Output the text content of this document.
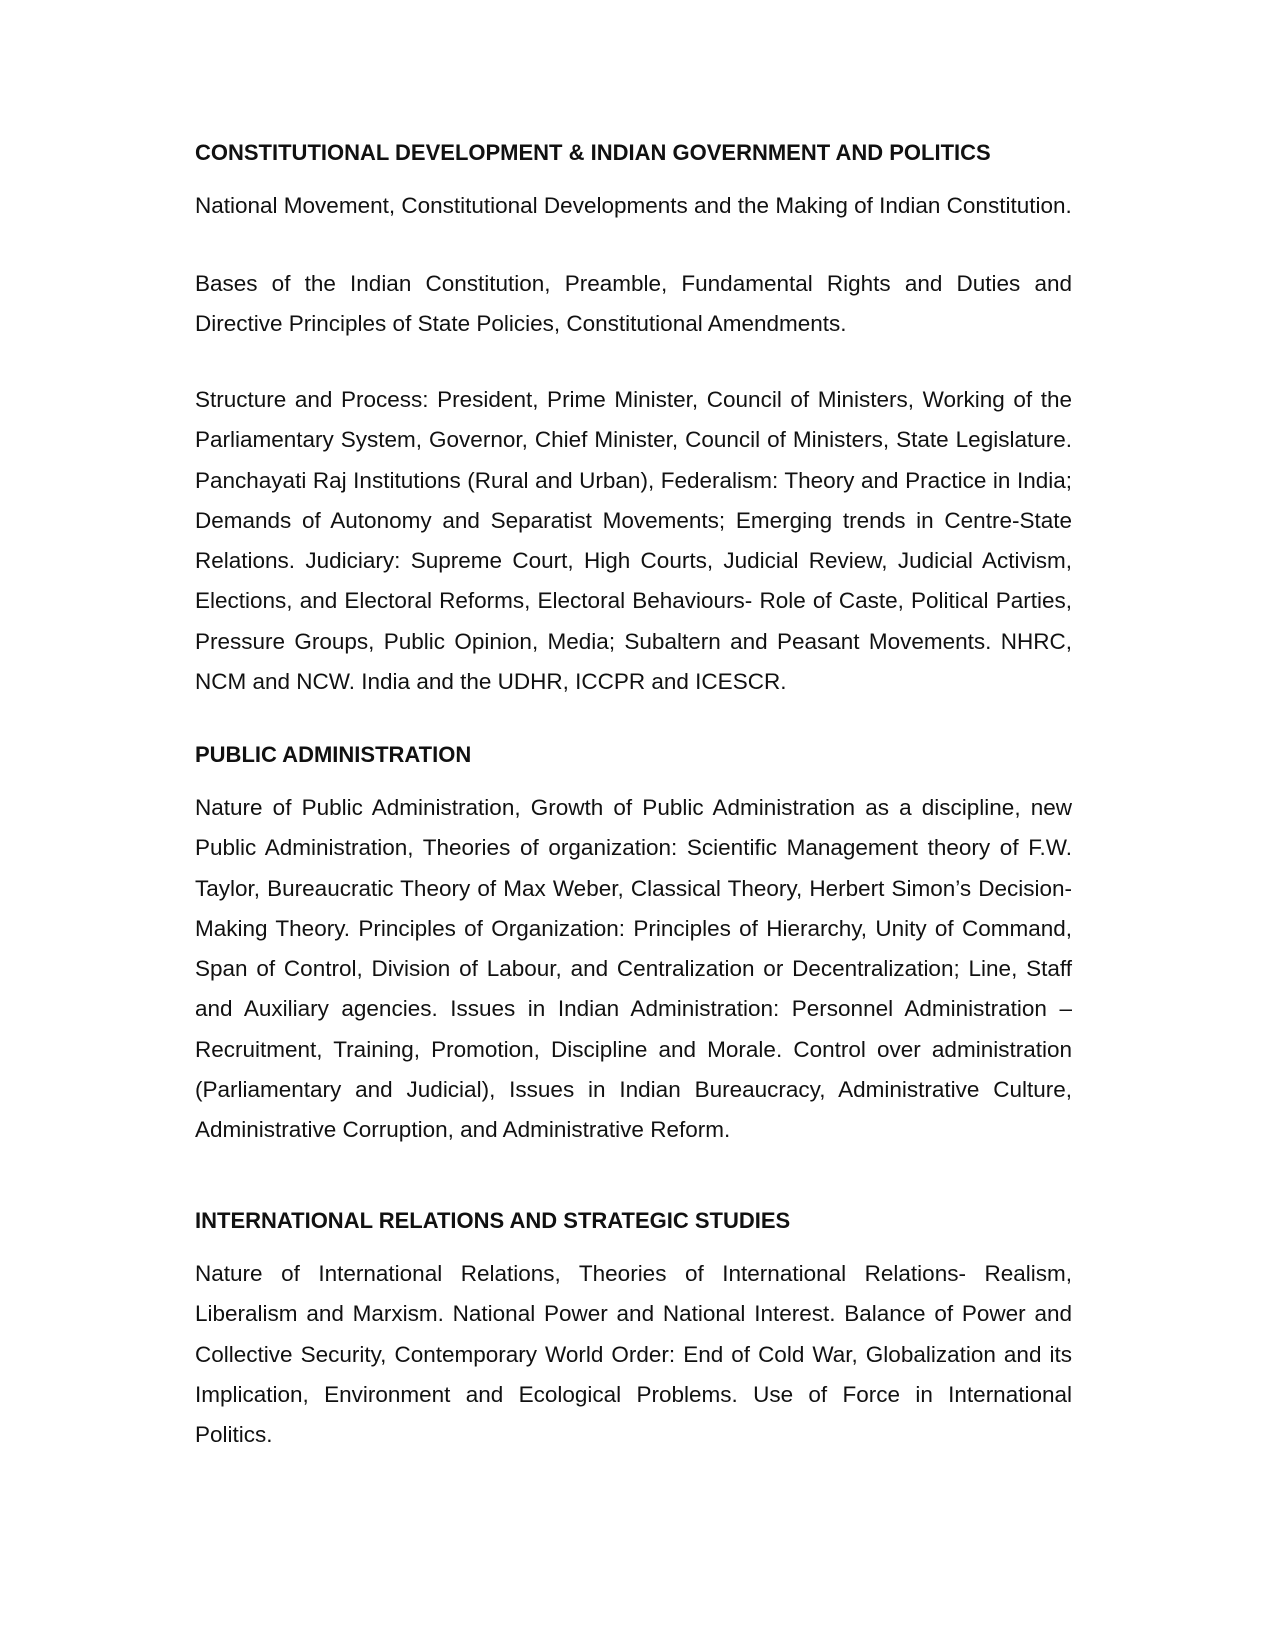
CONSTITUTIONAL DEVELOPMENT & INDIAN GOVERNMENT AND POLITICS

National Movement, Constitutional Developments and the Making of Indian Constitution.

Bases of the Indian Constitution, Preamble, Fundamental Rights and Duties and Directive Principles of State Policies, Constitutional Amendments.

Structure and Process: President, Prime Minister, Council of Ministers, Working of the Parliamentary System, Governor, Chief Minister, Council of Ministers, State Legislature. Panchayati Raj Institutions (Rural and Urban), Federalism: Theory and Practice in India; Demands of Autonomy and Separatist Movements; Emerging trends in Centre-State Relations. Judiciary: Supreme Court, High Courts, Judicial Review, Judicial Activism, Elections, and Electoral Reforms, Electoral Behaviours- Role of Caste, Political Parties, Pressure Groups, Public Opinion, Media; Subaltern and Peasant Movements. NHRC, NCM and NCW. India and the UDHR, ICCPR and ICESCR.

PUBLIC ADMINISTRATION

Nature of Public Administration, Growth of Public Administration as a discipline, new Public Administration, Theories of organization: Scientific Management theory of F.W. Taylor, Bureaucratic Theory of Max Weber, Classical Theory, Herbert Simon’s Decision-Making Theory. Principles of Organization: Principles of Hierarchy, Unity of Command, Span of Control, Division of Labour, and Centralization or Decentralization; Line, Staff and Auxiliary agencies. Issues in Indian Administration: Personnel Administration – Recruitment, Training, Promotion, Discipline and Morale. Control over administration (Parliamentary and Judicial), Issues in Indian Bureaucracy, Administrative Culture, Administrative Corruption, and Administrative Reform.

INTERNATIONAL RELATIONS AND STRATEGIC STUDIES

Nature of International Relations, Theories of International Relations- Realism, Liberalism and Marxism. National Power and National Interest. Balance of Power and Collective Security, Contemporary World Order: End of Cold War, Globalization and its Implication, Environment and Ecological Problems. Use of Force in International Politics.
